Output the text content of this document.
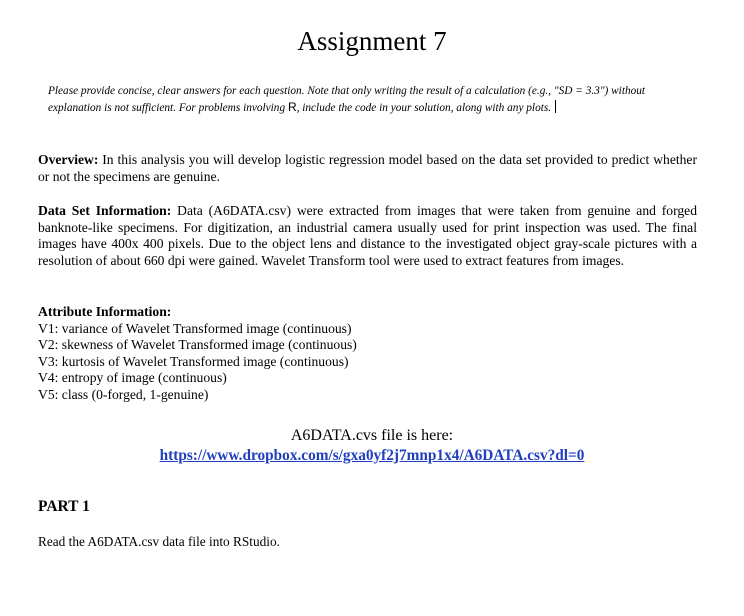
Assignment 7
Please provide concise, clear answers for each question. Note that only writing the result of a calculation (e.g., "SD = 3.3") without explanation is not sufficient. For problems involving R, include the code in your solution, along with any plots.
Overview: In this analysis you will develop logistic regression model based on the data set provided to predict whether or not the specimens are genuine.
Data Set Information: Data (A6DATA.csv) were extracted from images that were taken from genuine and forged banknote-like specimens. For digitization, an industrial camera usually used for print inspection was used. The final images have 400x 400 pixels. Due to the object lens and distance to the investigated object gray-scale pictures with a resolution of about 660 dpi were gained. Wavelet Transform tool were used to extract features from images.
Attribute Information:
V1: variance of Wavelet Transformed image (continuous)
V2: skewness of Wavelet Transformed image (continuous)
V3: kurtosis of Wavelet Transformed image (continuous)
V4: entropy of image (continuous)
V5: class (0-forged, 1-genuine)
A6DATA.cvs file is here:
https://www.dropbox.com/s/gxa0yf2j7mnp1x4/A6DATA.csv?dl=0
PART 1
Read the A6DATA.csv data file into RStudio.
